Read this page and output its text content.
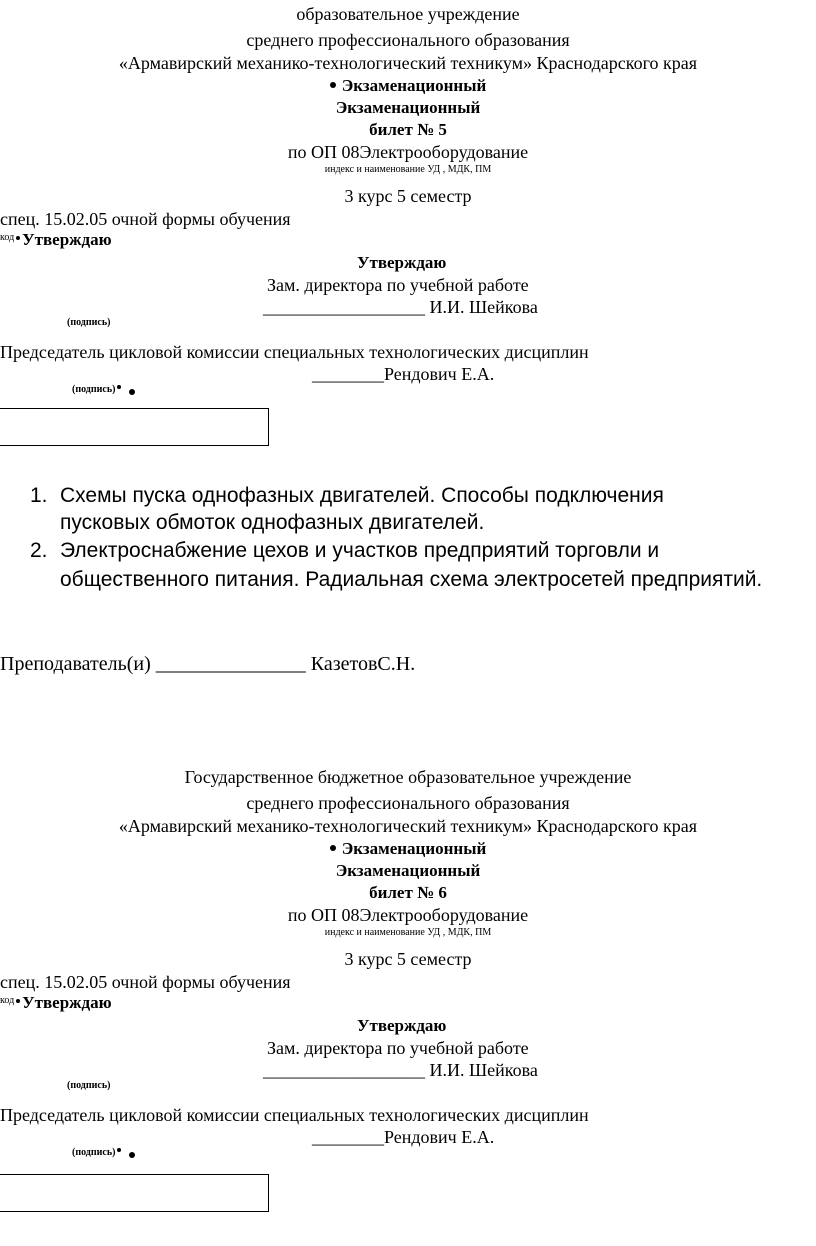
образовательное учреждение
среднего профессионального образования
«Армавирский механико-технологический техникум» Краснодарского края
Экзаменационный
Экзаменационный
билет № 5
по ОП 08Электрооборудование
индекс и наименование УД , МДК, ПМ
3 курс 5 семестр
спец. 15.02.05 очной формы обучения
$^{код}$ Утверждаю
Утверждаю
Зам. директора по учебной работе
__________________ И.И. Шейкова
(подпись)
Председатель цикловой комиссии специальных технологических дисциплин
________Рендович Е.А.
(подпись)
1. Схемы пуска однофазных двигателей. Способы подключения
пусковых обмоток однофазных двигателей.
2. Электроснабжение цехов и участков предприятий торговли и
общественного питания. Радиальная схема электросетей предприятий.
Преподаватель(и) _______________ КазетовС.Н.
Государственное бюджетное образовательное учреждение
среднего профессионального образования
«Армавирский механико-технологический техникум» Краснодарского края
Экзаменационный
Экзаменационный
билет № 6
по ОП 08Электрооборудование
индекс и наименование УД , МДК, ПМ
3 курс 5 семестр
спец. 15.02.05 очной формы обучения
$^{код}$ Утверждаю
Утверждаю
Зам. директора по учебной работе
__________________ И.И. Шейкова
(подпись)
Председатель цикловой комиссии специальных технологических дисциплин
________Рендович Е.А.
(подпись)
